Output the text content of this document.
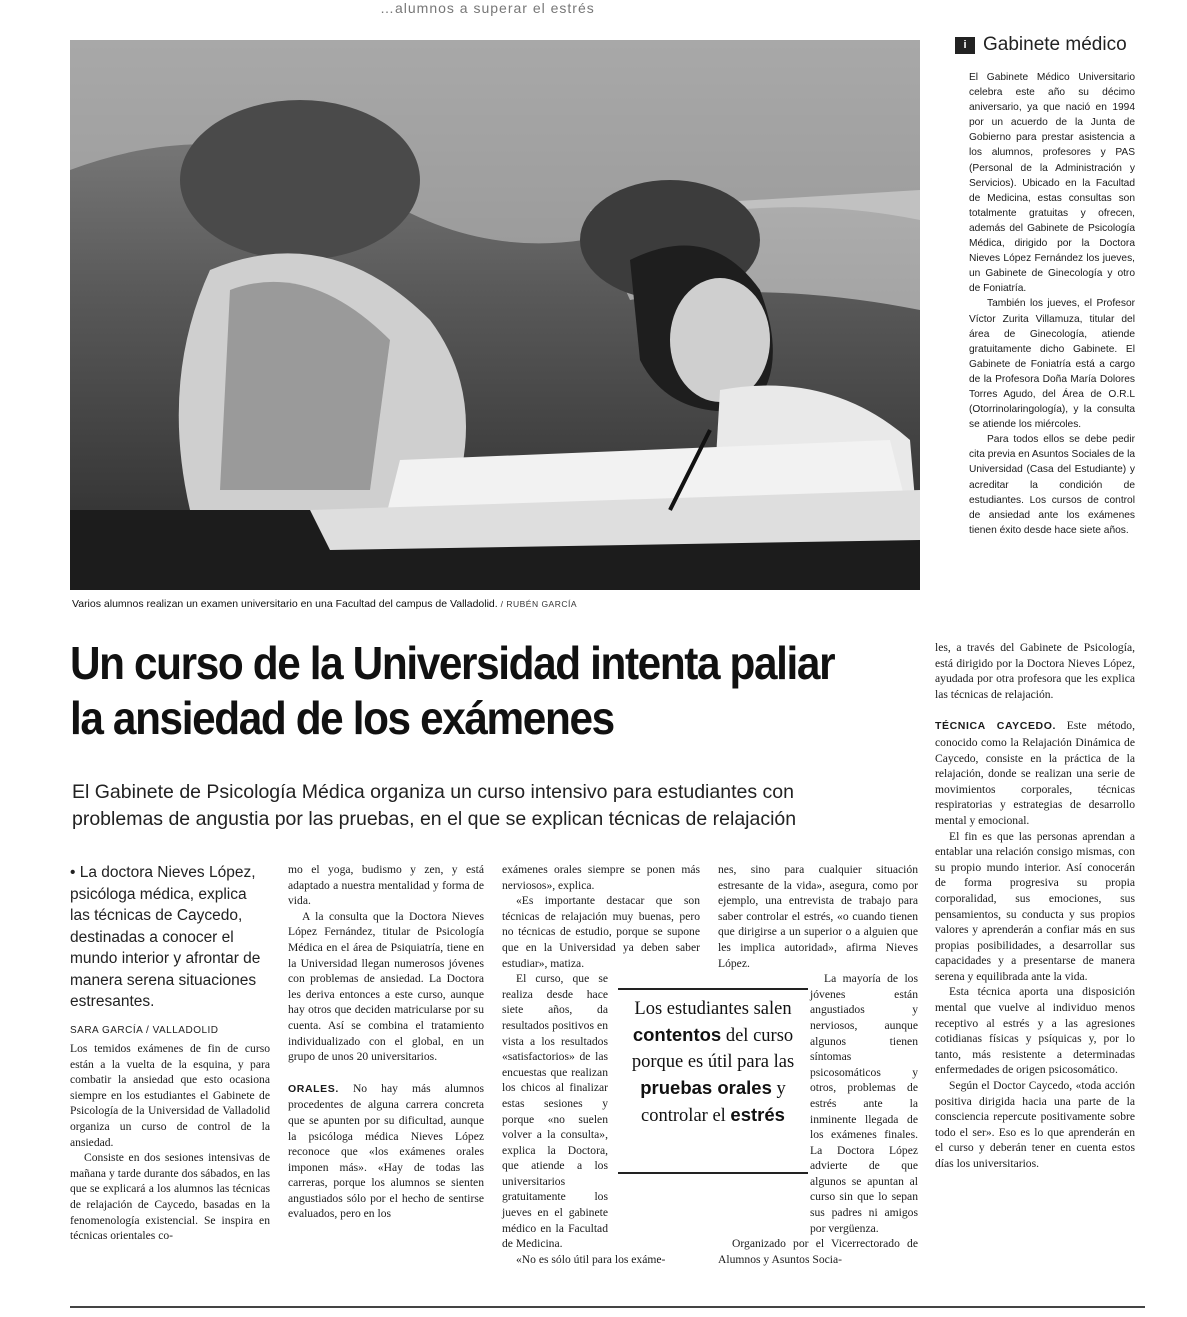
…alumnos a superar el estrés
Varios alumnos realizan un examen universitario en una Facultad del campus de Valladolid. / RUBÉN GARCÍA
i Gabinete médico

El Gabinete Médico Universitario celebra este año su décimo aniversario, ya que nació en 1994 por un acuerdo de la Junta de Gobierno para prestar asistencia a los alumnos, profesores y PAS (Personal de la Administración y Servicios). Ubicado en la Facultad de Medicina, estas consultas son totalmente gratuitas y ofrecen, además del Gabinete de Psicología Médica, dirigido por la Doctora Nieves López Fernández los jueves, un Gabinete de Ginecología y otro de Foniatría.

También los jueves, el Profesor Víctor Zurita Villamuza, titular del área de Ginecología, atiende gratuitamente dicho Gabinete. El Gabinete de Foniatría está a cargo de la Profesora Doña María Dolores Torres Agudo, del Área de O.R.L (Otorrinolaringología), y la consulta se atiende los miércoles.

Para todos ellos se debe pedir cita previa en Asuntos Sociales de la Universidad (Casa del Estudiante) y acreditar la condición de estudiantes. Los cursos de control de ansiedad ante los exámenes tienen éxito desde hace siete años.

Un curso de la Universidad intenta paliar la ansiedad de los exámenes
El Gabinete de Psicología Médica organiza un curso intensivo para estudiantes con problemas de angustia por las pruebas, en el que se explican técnicas de relajación
• La doctora Nieves López, psicóloga médica, explica las técnicas de Caycedo, destinadas a conocer el mundo interior y afrontar de manera serena situaciones estresantes.
SARA GARCÍA / VALLADOLID

Los temidos exámenes de fin de curso están a la vuelta de la esquina, y para combatir la ansiedad que esto ocasiona siempre en los estudiantes el Gabinete de Psicología de la Universidad de Valladolid organiza un curso de control de la ansiedad.

Consiste en dos sesiones intensivas de mañana y tarde durante dos sábados, en las que se explicará a los alumnos las técnicas de relajación de Caycedo, basadas en la fenomenología existencial. Se inspira en técnicas orientales co-

mo el yoga, budismo y zen, y está adaptado a nuestra mentalidad y forma de vida.

A la consulta que la Doctora Nieves López Fernández, titular de Psicología Médica en el área de Psiquiatría, tiene en la Universidad llegan numerosos jóvenes con problemas de ansiedad. La Doctora les deriva entonces a este curso, aunque hay otros que deciden matricularse por su cuenta. Así se combina el tratamiento individualizado con el global, en un grupo de unos 20 universitarios.

ORALES. No hay más alumnos procedentes de alguna carrera concreta que se apunten por su dificultad, aunque la psicóloga médica Nieves López reconoce que «los exámenes orales imponen más». «Hay de todas las carreras, porque los alumnos se sienten angustiados sólo por el hecho de sentirse evaluados, pero en los

exámenes orales siempre se ponen más nerviosos», explica.

«Es importante destacar que son técnicas de relajación muy buenas, pero no técnicas de estudio, porque se supone que en la Universidad ya deben saber estudiar», matiza.

El curso, que se realiza desde hace siete años, da resultados positivos en vista a los resultados «satisfactorios» de las encuestas que realizan los chicos al finalizar estas sesiones y porque «no suelen volver a la consulta», explica la Doctora, que atiende a los universitarios gratuitamente los jueves en el gabinete médico en la Facultad de Medicina.

«No es sólo útil para los exáme-

nes, sino para cualquier situación estresante de la vida», asegura, como por ejemplo, una entrevista de trabajo para saber controlar el estrés, «o cuando tienen que dirigirse a un superior o a alguien que les implica autoridad», afirma Nieves López.

La mayoría de los jóvenes están angustiados y nerviosos, aunque algunos tienen síntomas psicosomáticos y otros, problemas de estrés ante la inminente llegada de los exámenes finales. La Doctora López advierte de que algunos se apuntan al curso sin que lo sepan sus padres ni amigos por vergüenza.

Organizado por el Vicerrectorado de Alumnos y Asuntos Socia-

les, a través del Gabinete de Psicología, está dirigido por la Doctora Nieves López, ayudada por otra profesora que les explica las técnicas de relajación.

TÉCNICA CAYCEDO. Este método, conocido como la Relajación Dinámica de Caycedo, consiste en la práctica de la relajación, donde se realizan una serie de movimientos corporales, técnicas respiratorias y estrategias de desarrollo mental y emocional.

El fin es que las personas aprendan a entablar una relación consigo mismas, con su propio mundo interior. Así conocerán de forma progresiva su propia corporalidad, sus emociones, sus pensamientos, su conducta y sus propios valores y aprenderán a confiar más en sus propias posibilidades, a desarrollar sus capacidades y a presentarse de manera serena y equilibrada ante la vida.

Esta técnica aporta una disposición mental que vuelve al individuo menos receptivo al estrés y a las agresiones cotidianas físicas y psíquicas y, por lo tanto, más resistente a determinadas enfermedades de origen psicosomático.

Según el Doctor Caycedo, «toda acción positiva dirigida hacia una parte de la consciencia repercute positivamente sobre todo el ser». Eso es lo que aprenderán en el curso y deberán tener en cuenta estos días los universitarios.

Los estudiantes salen contentos del curso porque es útil para las pruebas orales y controlar el estrés
